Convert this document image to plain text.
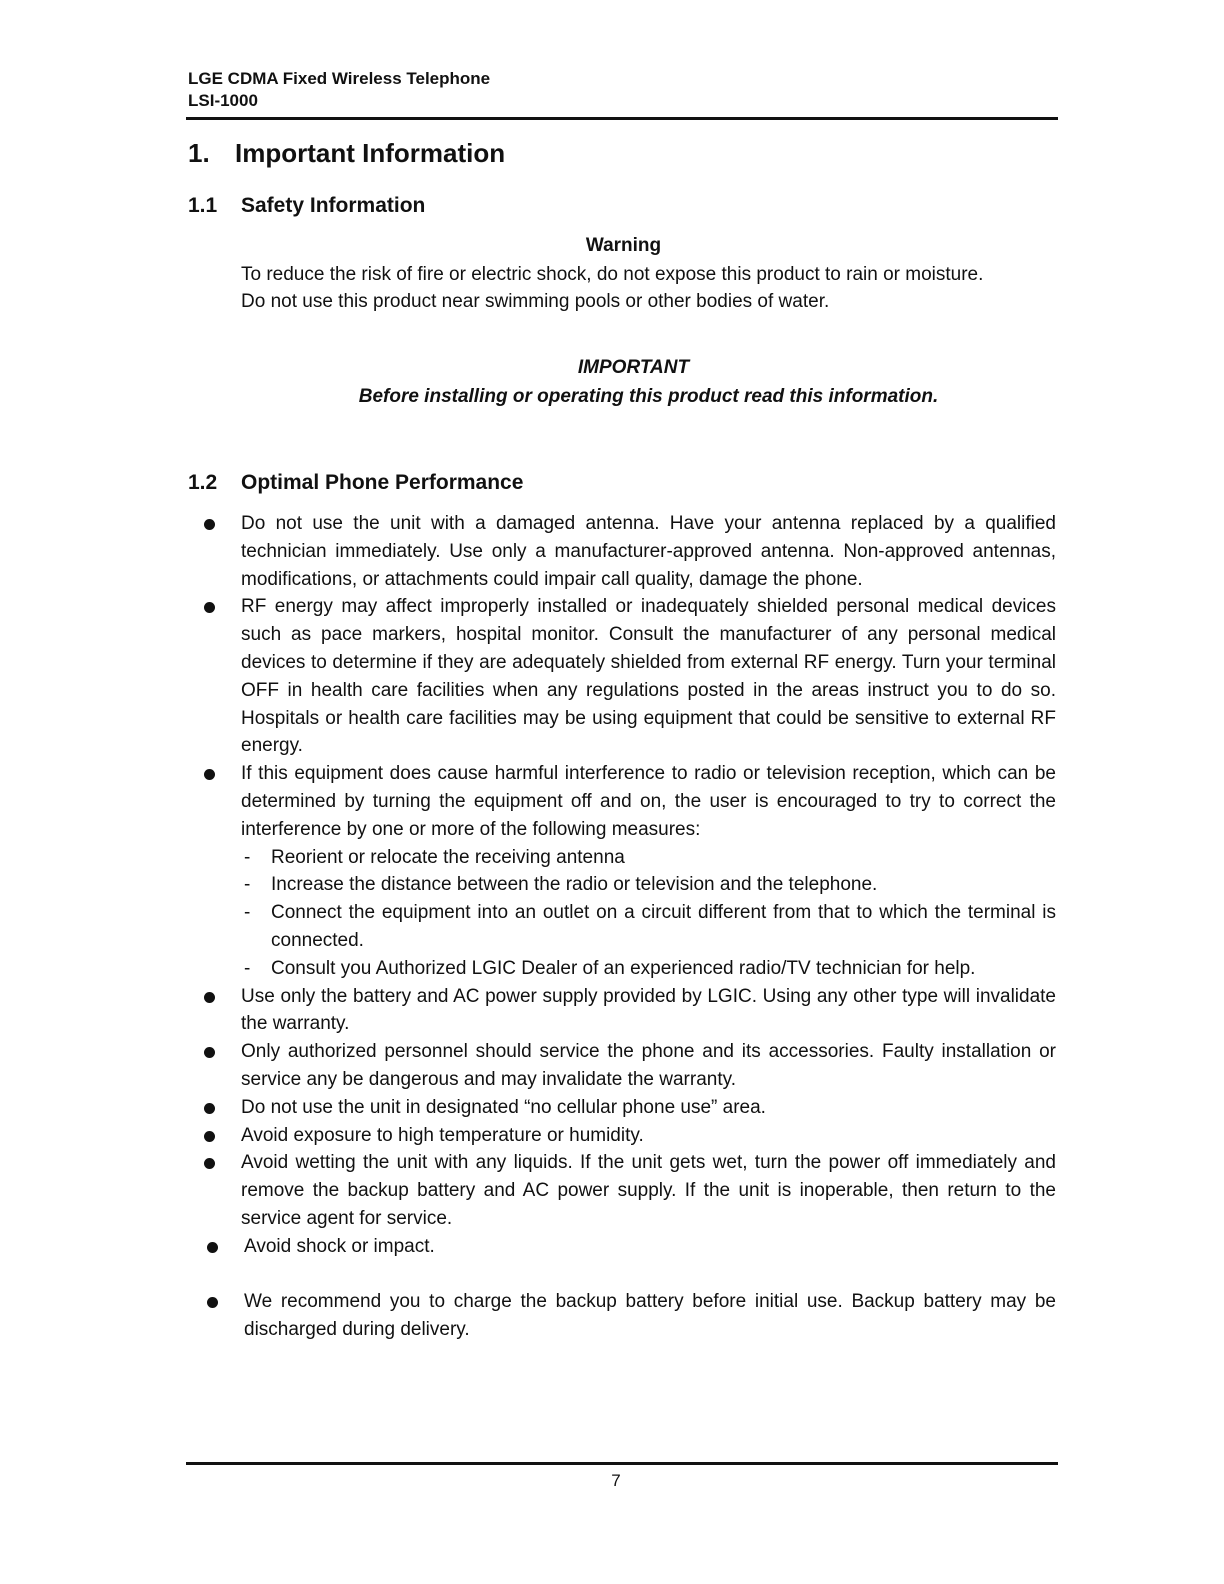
LGE CDMA Fixed Wireless Telephone
LSI-1000
1. Important Information
1.1 Safety Information
Warning
To reduce the risk of fire or electric shock, do not expose this product to rain or moisture.
Do not use this product near swimming pools or other bodies of water.
IMPORTANT
Before installing or operating this product read this information.
1.2 Optimal Phone Performance
Do not use the unit with a damaged antenna. Have your antenna replaced by a qualified technician immediately. Use only a manufacturer-approved antenna. Non-approved antennas, modifications, or attachments could impair call quality, damage the phone.
RF energy may affect improperly installed or inadequately shielded personal medical devices such as pace markers, hospital monitor. Consult the manufacturer of any personal medical devices to determine if they are adequately shielded from external RF energy. Turn your terminal OFF in health care facilities when any regulations posted in the areas instruct you to do so. Hospitals or health care facilities may be using equipment that could be sensitive to external RF energy.
If this equipment does cause harmful interference to radio or television reception, which can be determined by turning the equipment off and on, the user is encouraged to try to correct the interference by one or more of the following measures:
- Reorient or relocate the receiving antenna
- Increase the distance between the radio or television and the telephone.
- Connect the equipment into an outlet on a circuit different from that to which the terminal is connected.
- Consult you Authorized LGIC Dealer of an experienced radio/TV technician for help.
Use only the battery and AC power supply provided by LGIC. Using any other type will invalidate the warranty.
Only authorized personnel should service the phone and its accessories. Faulty installation or service any be dangerous and may invalidate the warranty.
Do not use the unit in designated “no cellular phone use” area.
Avoid exposure to high temperature or humidity.
Avoid wetting the unit with any liquids. If the unit gets wet, turn the power off immediately and remove the backup battery and AC power supply. If the unit is inoperable, then return to the service agent for service.
Avoid shock or impact.
We recommend you to charge the backup battery before initial use. Backup battery may be discharged during delivery.
7
